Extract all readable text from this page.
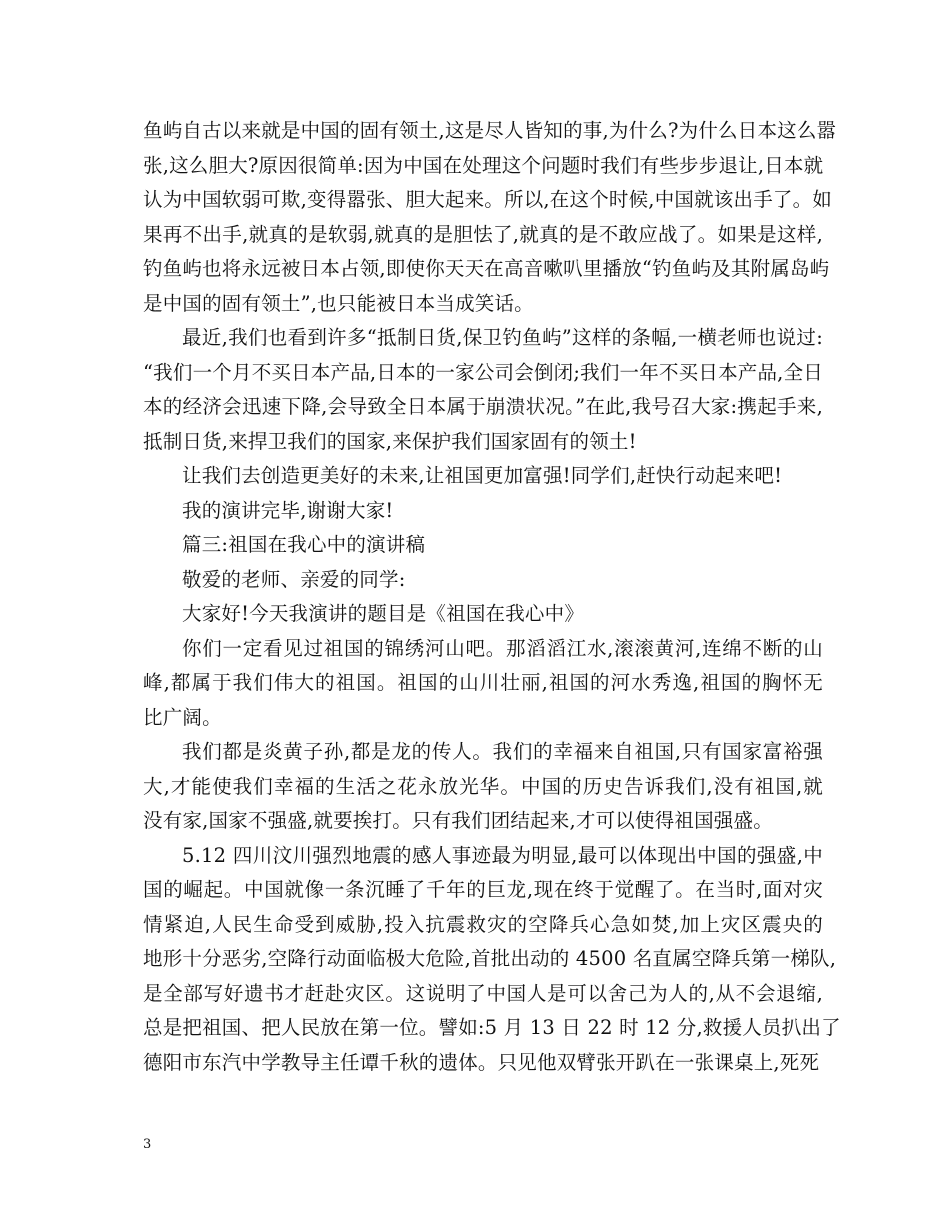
鱼屿自古以来就是中国的固有领土,这是尽人皆知的事,为什么?为什么日本这么嚣
张,这么胆大?原因很简单:因为中国在处理这个问题时我们有些步步退让,日本就
认为中国软弱可欺,变得嚣张、胆大起来。所以,在这个时候,中国就该出手了。如
果再不出手,就真的是软弱,就真的是胆怯了,就真的是不敢应战了。如果是这样,
钓鱼屿也将永远被日本占领,即使你天天在高音嗽叭里播放“钓鱼屿及其附属岛屿
是中国的固有领土”,也只能被日本当成笑话。
最近,我们也看到许多“抵制日货,保卫钓鱼屿”这样的条幅,一横老师也说过:
“我们一个月不买日本产品,日本的一家公司会倒闭;我们一年不买日本产品,全日
本的经济会迅速下降,会导致全日本属于崩溃状况。”在此,我号召大家:携起手来,
抵制日货,来捍卫我们的国家,来保护我们国家固有的领土!
让我们去创造更美好的未来,让祖国更加富强!同学们,赶快行动起来吧!
我的演讲完毕,谢谢大家!
篇三:祖国在我心中的演讲稿
敬爱的老师、亲爱的同学:
大家好!今天我演讲的题目是《祖国在我心中》
你们一定看见过祖国的锦绣河山吧。那滔滔江水,滚滚黄河,连绵不断的山
峰,都属于我们伟大的祖国。祖国的山川壮丽,祖国的河水秀逸,祖国的胸怀无
比广阔。
我们都是炎黄子孙,都是龙的传人。我们的幸福来自祖国,只有国家富裕强
大,才能使我们幸福的生活之花永放光华。中国的历史告诉我们,没有祖国,就
没有家,国家不强盛,就要挨打。只有我们团结起来,才可以使得祖国强盛。
5.12 四川汶川强烈地震的感人事迹最为明显,最可以体现出中国的强盛,中
国的崛起。中国就像一条沉睡了千年的巨龙,现在终于觉醒了。在当时,面对灾
情紧迫,人民生命受到威胁,投入抗震救灾的空降兵心急如焚,加上灾区震央的
地形十分恶劣,空降行动面临极大危险,首批出动的 4500 名直属空降兵第一梯队,
是全部写好遗书才赶赴灾区。这说明了中国人是可以舍己为人的,从不会退缩,
总是把祖国、把人民放在第一位。譬如:5 月 13 日 22 时 12 分,救援人员扒出了
德阳市东汽中学教导主任谭千秋的遗体。只见他双臂张开趴在一张课桌上,死死
3
